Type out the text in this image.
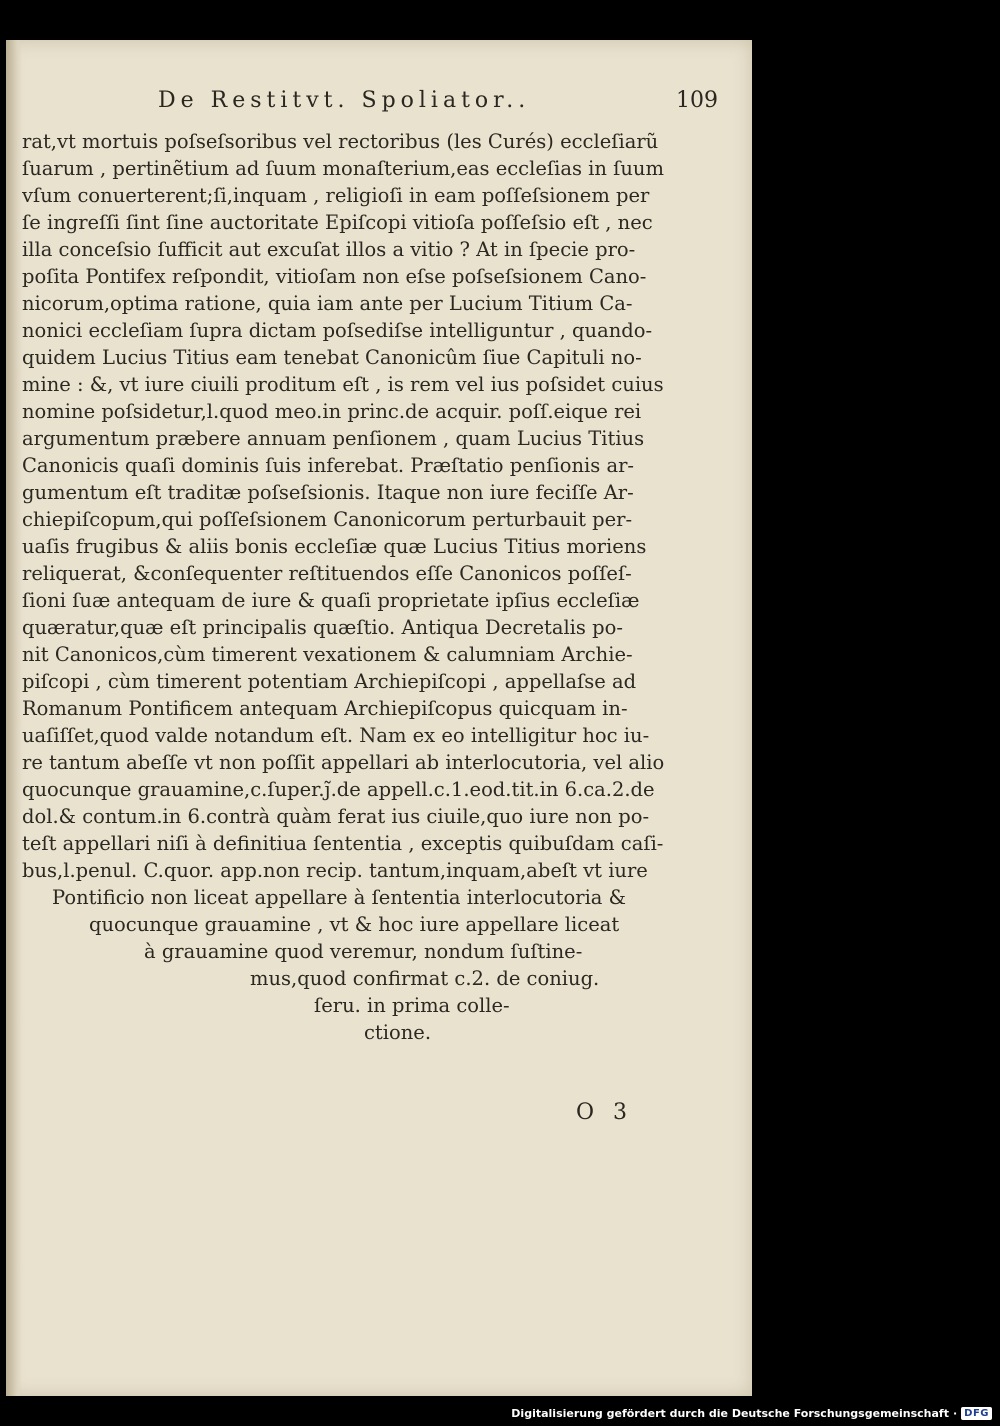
De Restitvt. Spoliator..	109
rat,vt mortuis poſseſsoribus vel rectoribus (les Curés) eccleſiarũ
ſuarum , pertinẽtium ad ſuum monaſterium,eas eccleſias in ſuum
vſum conuerterent;ſi,inquam , religioſi in eam poſſeſsionem per
ſe ingreſſi ſint ſine auctoritate Epiſcopi vitioſa poſſeſsio eſt , nec
illa conceſsio ſufficit aut excuſat illos a vitio ? At in ſpecie pro-
poſita Pontifex reſpondit, vitioſam non eſse poſseſsionem Cano-
nicorum,optima ratione, quia iam ante per Lucium Titium Ca-
nonici eccleſiam ſupra dictam poſsediſse intelliguntur , quando-
quidem Lucius Titius eam tenebat Canonicûm ſiue Capituli no-
mine : &, vt iure ciuili proditum eſt , is rem vel ius poſsidet cuius
nomine poſsidetur,l.quod meo.in princ.de acquir. poſſ.eique rei
argumentum præbere annuam penſionem , quam Lucius Titius
Canonicis quaſi dominis ſuis inferebat. Præſtatio penſionis ar-
gumentum eſt traditæ poſseſsionis. Itaque non iure feciſſe Ar-
chiepiſcopum,qui poſſeſsionem Canonicorum perturbauit per-
uaſis frugibus & aliis bonis eccleſiæ quæ Lucius Titius moriens
reliquerat, &conſequenter reſtituendos eſſe Canonicos poſſeſ-
ſioni ſuæ antequam de iure & quaſi proprietate ipſius eccleſiæ
quæratur,quæ eſt principalis quæſtio. Antiqua Decretalis po-
nit Canonicos,cùm timerent vexationem & calumniam Archie-
piſcopi , cùm timerent potentiam Archiepiſcopi , appellaſse ad
Romanum Pontificem antequam Archiepiſcopus quicquam in-
uaſiſſet,quod valde notandum eſt. Nam ex eo intelligitur hoc iu-
re tantum abeſſe vt non poſſit appellari ab interlocutoria, vel alio
quocunque grauamine,c.ſuper.ȷ̃.de appell.c.1.eod.tit.in 6.ca.2.de
dol.& contum.in 6.contrà quàm ferat ius ciuile,quo iure non po-
teſt appellari niſi à definitiua ſententia , exceptis quibuſdam caſi-
bus,l.penul. C.quor. app.non recip. tantum,inquam,abeſt vt iure
Pontificio non liceat appellare à ſententia interlocutoria &
quocunque grauamine , vt & hoc iure appellare liceat
à grauamine quod veremur, nondum ſuſtine-
mus,quod confirmat c.2. de coniug.
ſeru. in prima colle-
ctione.
O 3
Digitalisierung gefördert durch die Deutsche Forschungsgemeinschaft · DFG
